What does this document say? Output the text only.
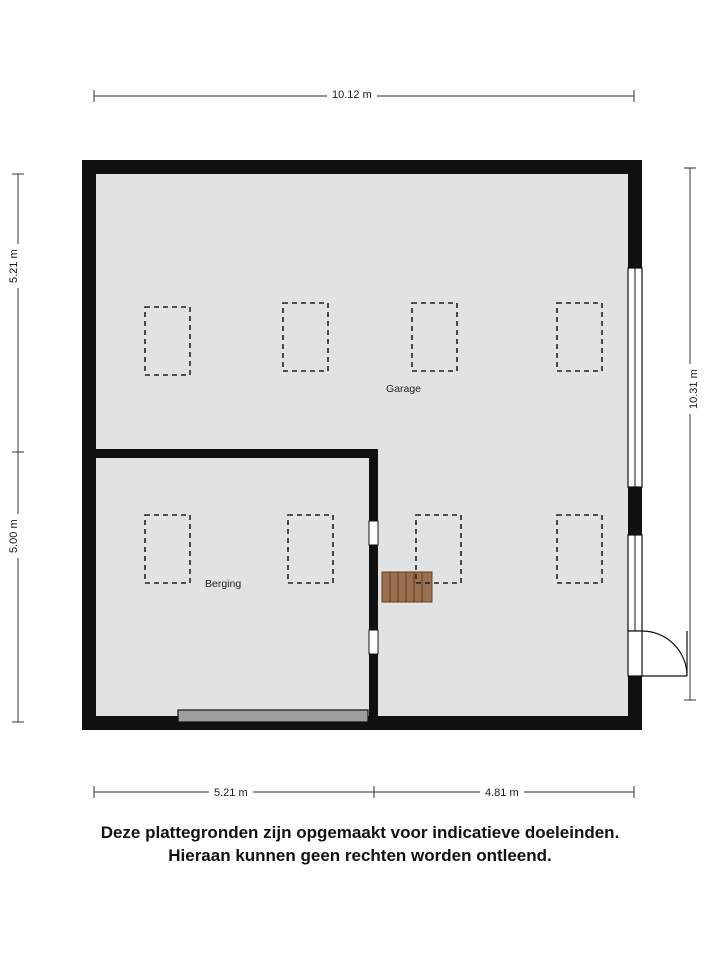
10.12 m
5.21 m
5.00 m
10.31 m
5.21 m	4.81 m
Garage
Berging
Deze plattegronden zijn opgemaakt voor indicatieve doeleinden.
Hieraan kunnen geen rechten worden ontleend.
